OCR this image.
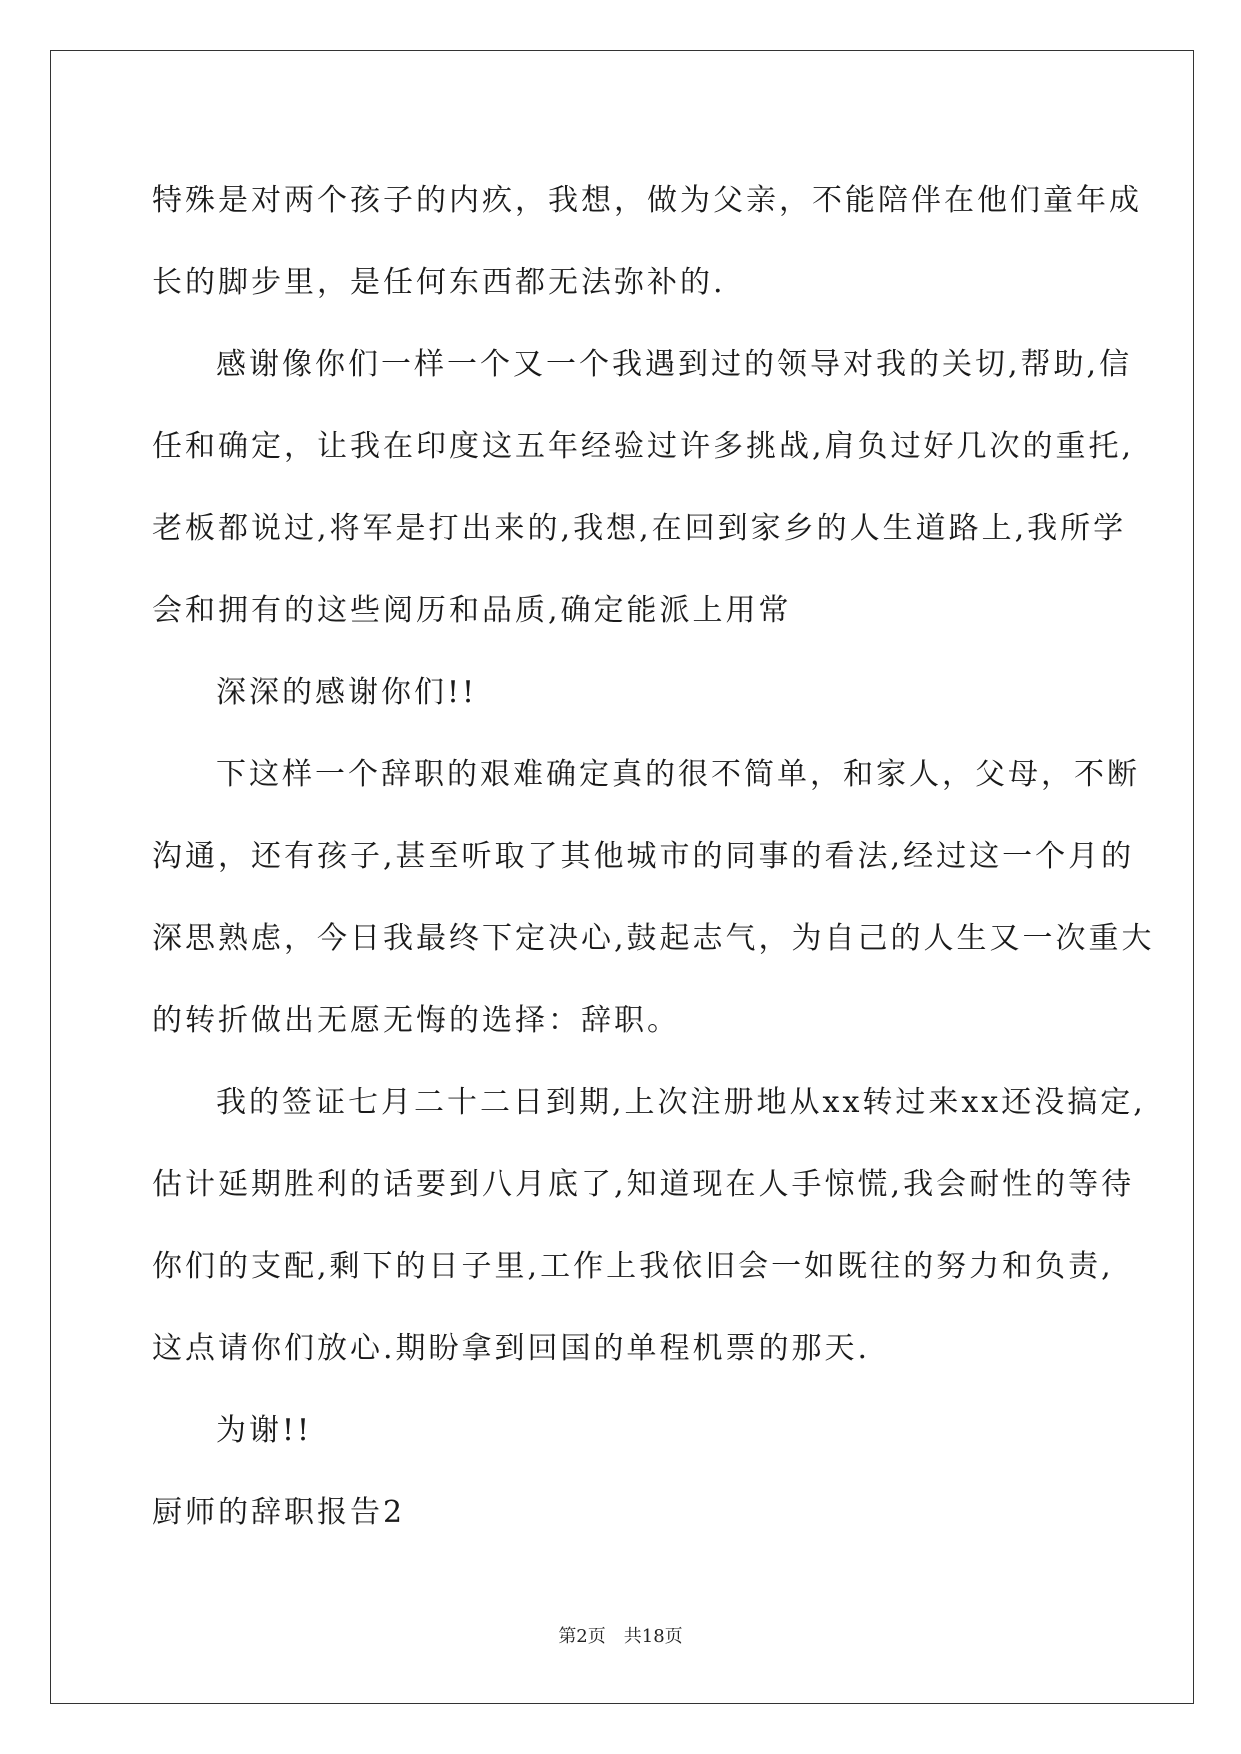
特殊是对两个孩子的内疚，我想，做为父亲，不能陪伴在他们童年成
长的脚步里，是任何东西都无法弥补的.

感谢像你们一样一个又一个我遇到过的领导对我的关切,帮助,信
任和确定，让我在印度这五年经验过许多挑战,肩负过好几次的重托,
老板都说过,将军是打出来的,我想,在回到家乡的人生道路上,我所学
会和拥有的这些阅历和品质,确定能派上用常

深深的感谢你们!!

下这样一个辞职的艰难确定真的很不简单，和家人，父母，不断
沟通，还有孩子,甚至听取了其他城市的同事的看法,经过这一个月的
深思熟虑，今日我最终下定决心,鼓起志气，为自己的人生又一次重大
的转折做出无愿无悔的选择：辞职。

我的签证七月二十二日到期,上次注册地从xx转过来xx还没搞定,
估计延期胜利的话要到八月底了,知道现在人手惊慌,我会耐性的等待
你们的支配,剩下的日子里,工作上我依旧会一如既往的努力和负责,
这点请你们放心.期盼拿到回国的单程机票的那天.

为谢!!

厨师的辞职报告2

第2页 共18页
